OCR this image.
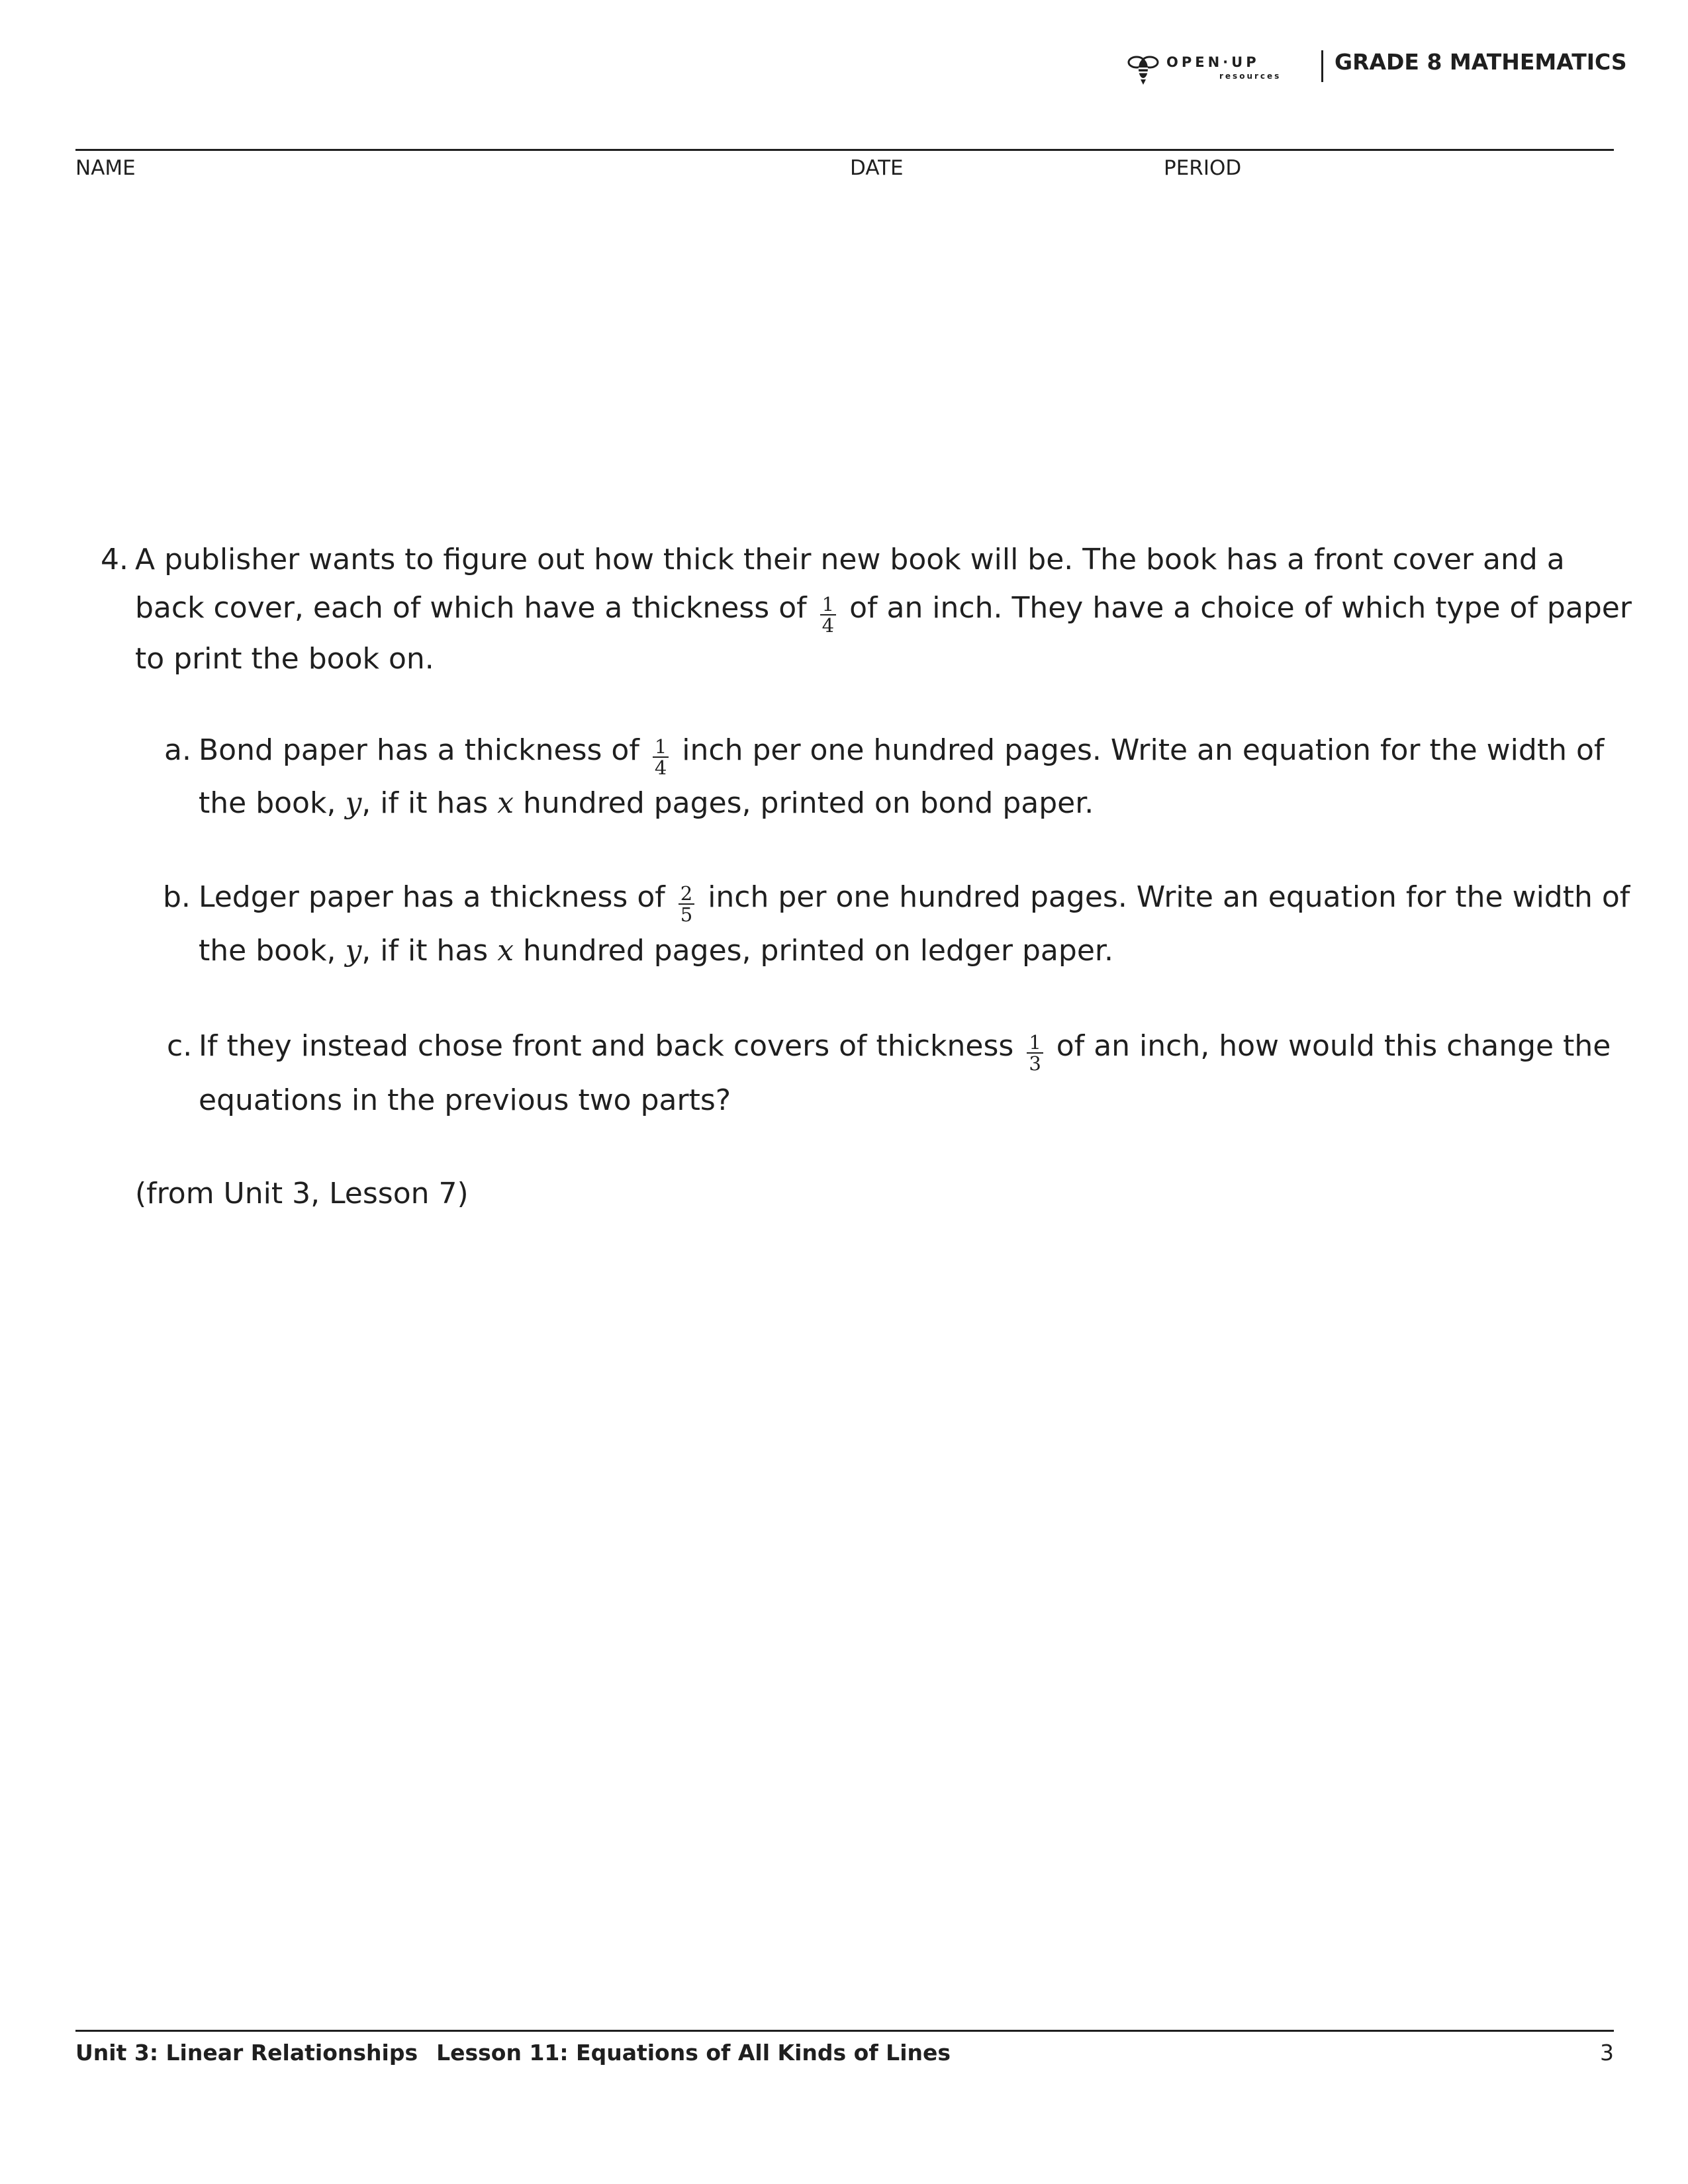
OPEN·UP
resources
GRADE 8 MATHEMATICS
NAME	DATE	PERIOD
4. A publisher wants to figure out how thick their new book will be. The book has a front cover and a
back cover, each of which have a thickness of $\frac{1}{4}$ of an inch. They have a choice of which type of paper
to print the book on.
a. Bond paper has a thickness of $\frac{1}{4}$ inch per one hundred pages. Write an equation for the width of
the book, y, if it has x hundred pages, printed on bond paper.
b. Ledger paper has a thickness of $\frac{2}{5}$ inch per one hundred pages. Write an equation for the width of
the book, y, if it has x hundred pages, printed on ledger paper.
c. If they instead chose front and back covers of thickness $\frac{1}{3}$ of an inch, how would this change the
equations in the previous two parts?
(from Unit 3, Lesson 7)
Unit 3: Linear Relationships Lesson 11: Equations of All Kinds of Lines	3
